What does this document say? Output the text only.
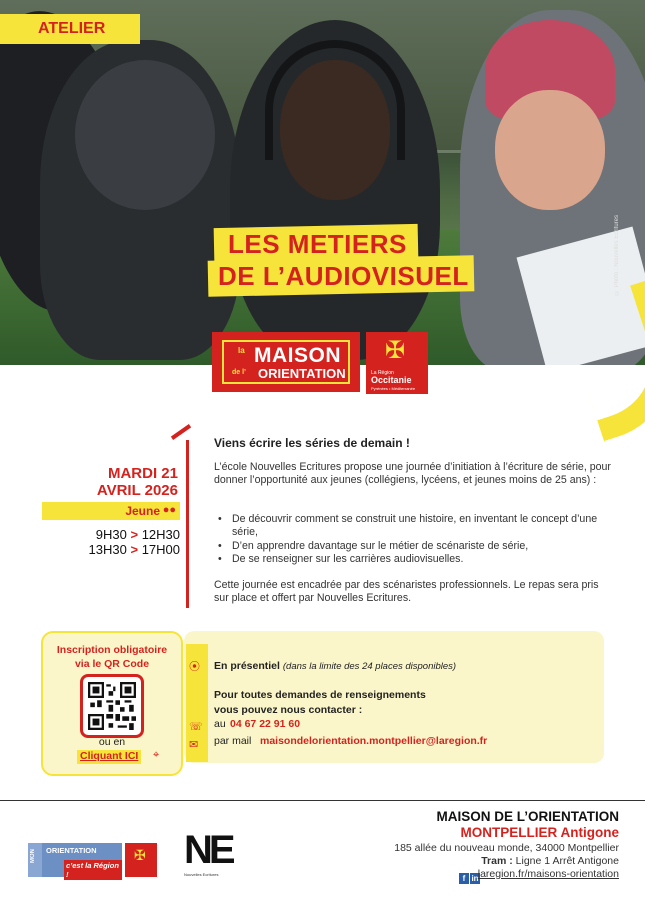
© Photo : Nouvelles Ecritures
ATELIER
LES METIERS
DE L’AUDIOVISUEL
la MAISON
de l’ ORIENTATION
✠
La Région
Occitanie
Pyrénées • Méditerranée
MARDI 21
AVRIL 2026
Jeune ●●
9H30 > 12H30
13H30 > 17H00
Viens écrire les séries de demain !
L’école Nouvelles Ecritures propose une journée d’initiation à l’écriture de série, pour donner l’opportunité aux jeunes (collégiens, lycéens, et jeunes moins de 25 ans) :
• De découvrir comment se construit une histoire, en inventant le concept d’une série,
• D’en apprendre davantage sur le métier de scénariste de série,
• De se renseigner sur les carrières audiovisuelles.
Cette journée est encadrée par des scénaristes professionnels. Le repas sera pris sur place et offert par Nouvelles Ecritures.
⦿
☏
✉
Inscription obligatoire
via le QR Code
ou en
Cliquant ICI ⌖
En présentiel (dans la limite des 24 places disponibles)
Pour toutes demandes de renseignements
vous pouvez nous contacter :
au 04 67 22 91 60
par mail maisondelorientation.montpellier@laregion.fr
MON ORIENTATION
c’est la Région !
✠ NE
Nouvelles Ecritures
MAISON DE L’ORIENTATION
MONTPELLIER Antigone
185 allée du nouveau monde, 34000 Montpellier
Tram : Ligne 1 Arrêt Antigone
f in laregion.fr/maisons-orientation
